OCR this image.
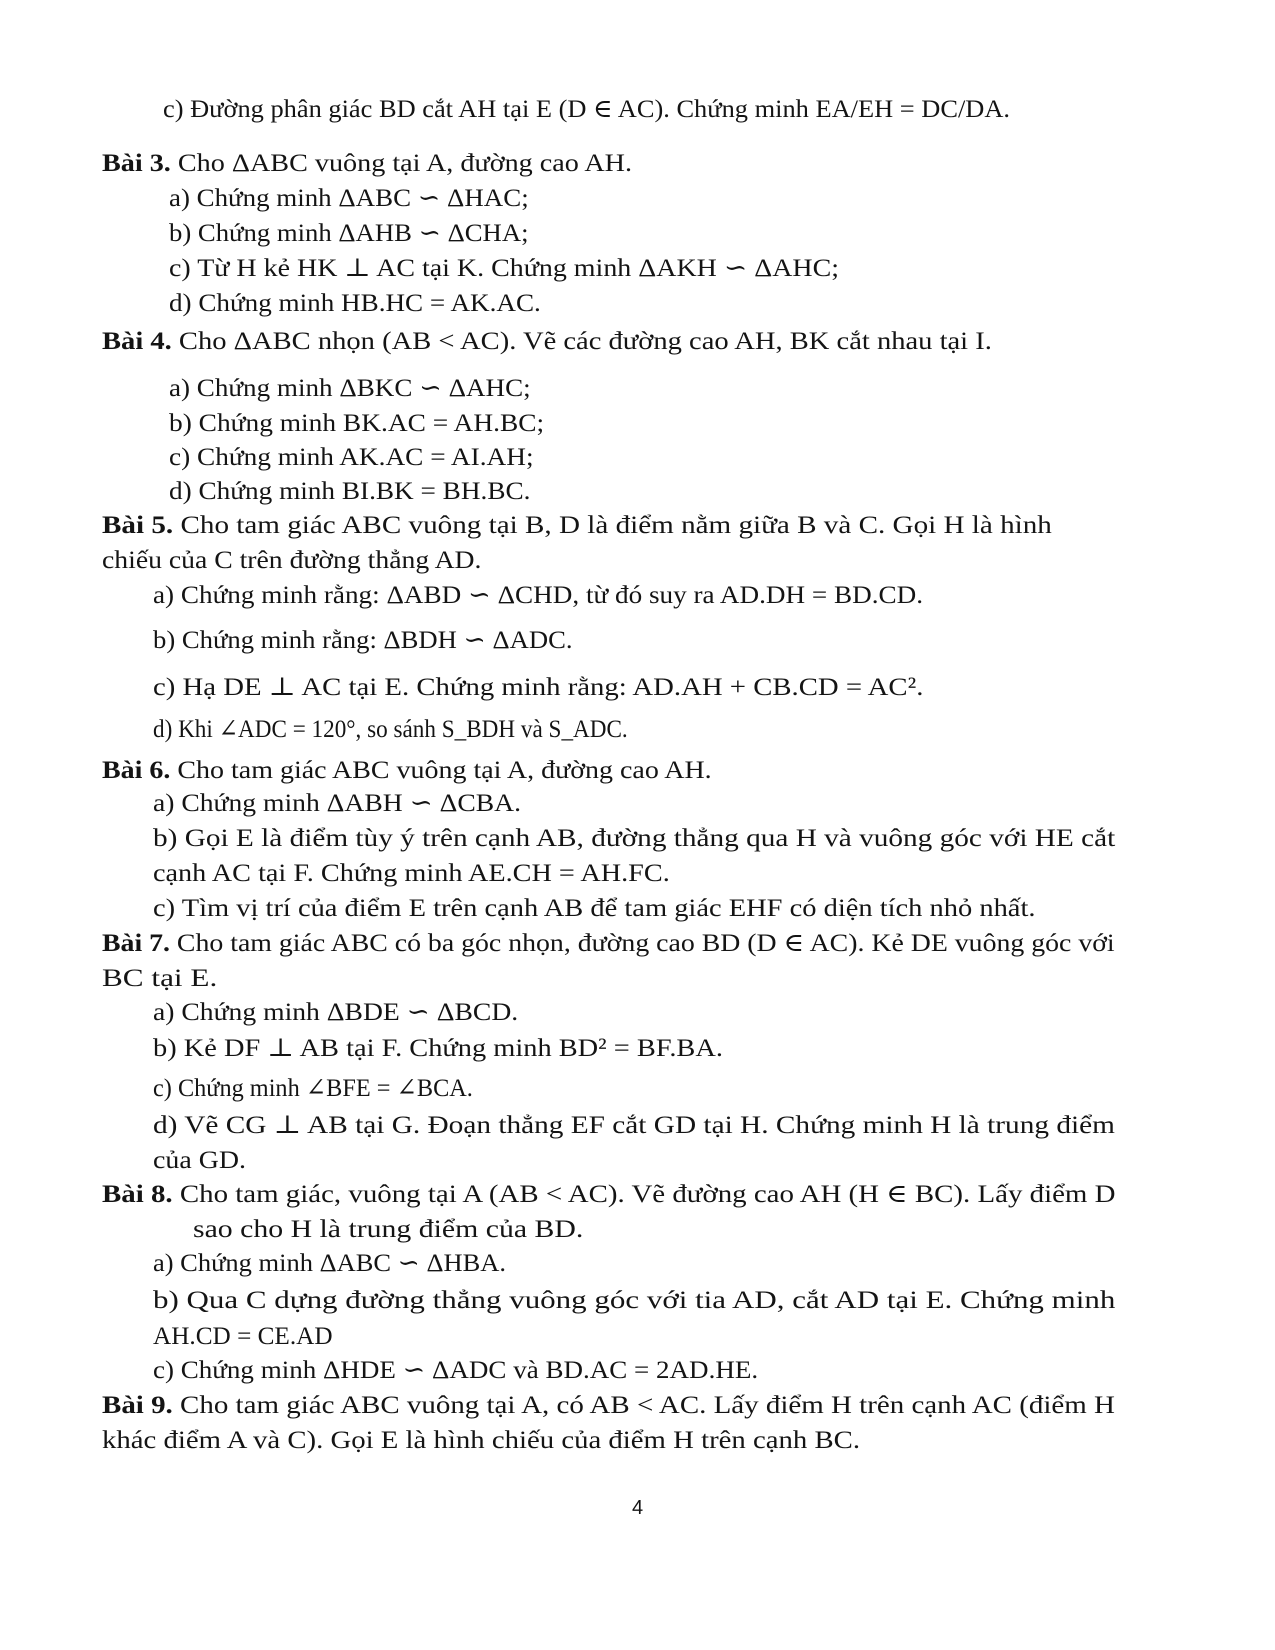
c) Đường phân giác BD cắt AH tại E (D ∈ AC). Chứng minh EA/EH = DC/DA.
Bài 3. Cho ΔABC vuông tại A, đường cao AH.
a) Chứng minh ΔABC ∽ ΔHAC;
b) Chứng minh ΔAHB ∽ ΔCHA;
c) Từ H kẻ HK ⊥ AC tại K. Chứng minh ΔAKH ∽ ΔAHC;
d) Chứng minh HB.HC = AK.AC.
Bài 4. Cho ΔABC nhọn (AB < AC). Vẽ các đường cao AH, BK cắt nhau tại I.
a) Chứng minh ΔBKC ∽ ΔAHC;
b) Chứng minh BK.AC = AH.BC;
c) Chứng minh AK.AC = AI.AH;
d) Chứng minh BI.BK = BH.BC.
Bài 5. Cho tam giác ABC vuông tại B, D là điểm nằm giữa B và C. Gọi H là hình
chiếu của C trên đường thẳng AD.
a) Chứng minh rằng: ΔABD ∽ ΔCHD, từ đó suy ra AD.DH = BD.CD.
b) Chứng minh rằng: ΔBDH ∽ ΔADC.
c) Hạ DE ⊥ AC tại E. Chứng minh rằng: AD.AH + CB.CD = AC².
d) Khi ∠ADC = 120°, so sánh S_BDH và S_ADC.
Bài 6. Cho tam giác ABC vuông tại A, đường cao AH.
a) Chứng minh ΔABH ∽ ΔCBA.
b) Gọi E là điểm tùy ý trên cạnh AB, đường thẳng qua H và vuông góc với HE cắt
cạnh AC tại F. Chứng minh AE.CH = AH.FC.
c) Tìm vị trí của điểm E trên cạnh AB để tam giác EHF có diện tích nhỏ nhất.
Bài 7. Cho tam giác ABC có ba góc nhọn, đường cao BD (D ∈ AC). Kẻ DE vuông góc với
BC tại E.
a) Chứng minh ΔBDE ∽ ΔBCD.
b) Kẻ DF ⊥ AB tại F. Chứng minh BD² = BF.BA.
c) Chứng minh ∠BFE = ∠BCA.
d) Vẽ CG ⊥ AB tại G. Đoạn thẳng EF cắt GD tại H. Chứng minh H là trung điểm
của GD.
Bài 8. Cho tam giác, vuông tại A (AB < AC). Vẽ đường cao AH (H ∈ BC). Lấy điểm D
sao cho H là trung điểm của BD.
a) Chứng minh ΔABC ∽ ΔHBA.
b) Qua C dựng đường thẳng vuông góc với tia AD, cắt AD tại E. Chứng minh
AH.CD = CE.AD
c) Chứng minh ΔHDE ∽ ΔADC và BD.AC = 2AD.HE.
Bài 9. Cho tam giác ABC vuông tại A, có AB < AC. Lấy điểm H trên cạnh AC (điểm H
khác điểm A và C). Gọi E là hình chiếu của điểm H trên cạnh BC.
4
